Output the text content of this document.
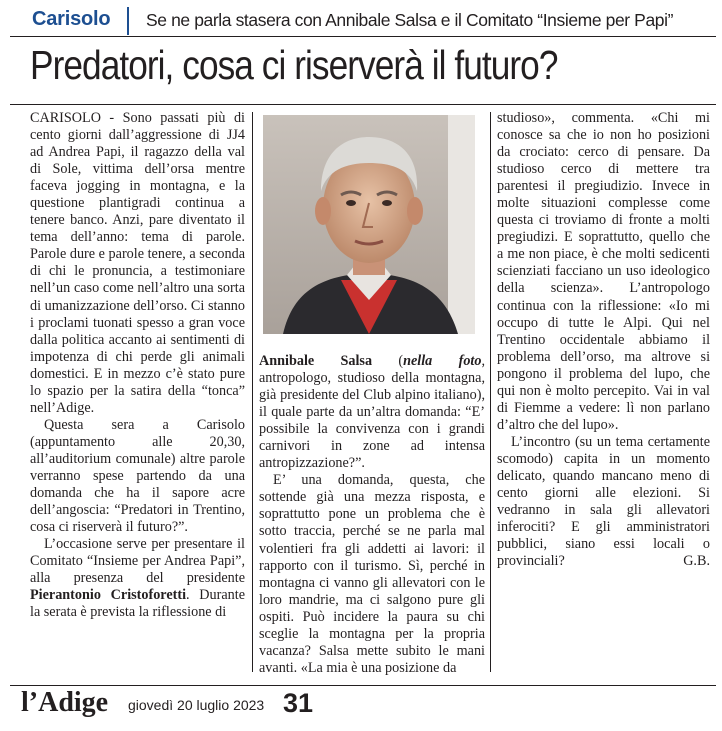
Carisolo Se ne parla stasera con Annibale Salsa e il Comitato “Insieme per Papi”
Predatori, cosa ci riserverà il futuro?

CARISOLO - Sono passati più di cento giorni dall’aggressione di JJ4 ad Andrea Papi, il ragazzo della val di Sole, vittima dell’orsa mentre faceva jogging in montagna, e la questione plantigradi continua a tenere banco. Anzi, pare diventato il tema dell’anno: tema di parole. Parole dure e parole tenere, a seconda di chi le pronuncia, a testimoniare nell’un caso come nell’altro una sorta di umanizzazione dell’orso. Ci stanno i proclami tuonati spesso a gran voce dalla politica accanto ai sentimenti di impotenza di chi perde gli animali domestici. E in mezzo c’è stato pure lo spazio per la satira della “tonca” nell’Adige.

Questa sera a Carisolo (appuntamento alle 20,30, all’auditorium comunale) altre parole verranno spese partendo da una domanda che ha il sapore acre dell’angoscia: “Predatori in Trentino, cosa ci riserverà il futuro?”.

L’occasione serve per presentare il Comitato “Insieme per Andrea Papi”, alla presenza del presidente Pierantonio Cristoforetti. Durante la serata è prevista la riflessione di

Annibale Salsa (nella foto, antropologo, studioso della montagna, già presidente del Club alpino italiano), il quale parte da un’altra domanda: “E’ possibile la convivenza con i grandi carnivori in zone ad intensa antropizzazione?”.

E’ una domanda, questa, che sottende già una mezza risposta, e soprattutto pone un problema che è sotto traccia, perché se ne parla mal volentieri fra gli addetti ai lavori: il rapporto con il turismo. Sì, perché in montagna ci vanno gli allevatori con le loro mandrie, ma ci salgono pure gli ospiti. Può incidere la paura su chi sceglie la montagna per la propria vacanza? Salsa mette subito le mani avanti. «La mia è una posizione da

studioso», commenta. «Chi mi conosce sa che io non ho posizioni da crociato: cerco di pensare. Da studioso cerco di mettere tra parentesi il pregiudizio. Invece in molte situazioni complesse come questa ci troviamo di fronte a molti pregiudizi. E soprattutto, quello che a me non piace, è che molti sedicenti scienziati facciano un uso ideologico della scienza». L’antropologo continua con la riflessione: «Io mi occupo di tutte le Alpi. Qui nel Trentino occidentale abbiamo il problema dell’orso, ma altrove si pongono il problema del lupo, che qui non è molto percepito. Vai in val di Fiemme a vedere: lì non parlano d’altro che del lupo».

L’incontro (su un tema certamente scomodo) capita in un momento delicato, quando mancano meno di cento giorni alle elezioni. Si vedranno in sala gli allevatori inferociti? E gli amministratori pubblici, siano essi locali o provinciali?	G.B.

l’Adige giovedì 20 luglio 2023 31
